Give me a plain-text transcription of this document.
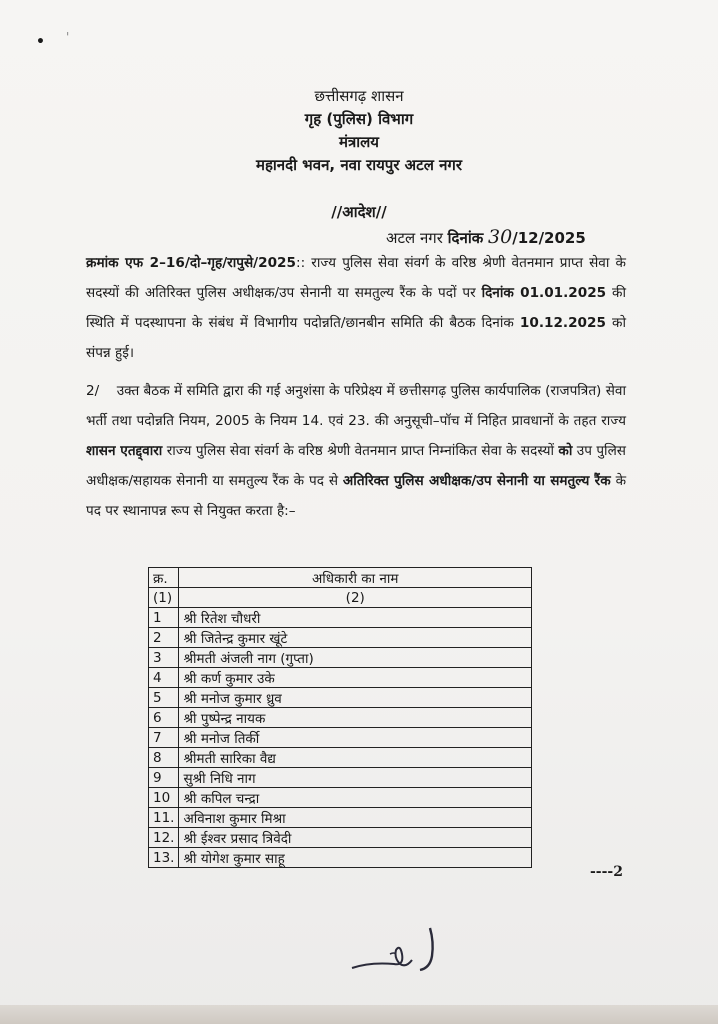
• '
छत्तीसगढ़ शासन
गृह (पुलिस) विभाग
मंत्रालय
महानदी भवन, नवा रायपुर अटल नगर
//आदेश//
अटल नगर दिनांक 30/12/2025
क्रमांक एफ 2–16/दो–गृह/रापुसे/2025:: राज्य पुलिस सेवा संवर्ग के वरिष्ठ श्रेणी वेतनमान प्राप्त सेवा के सदस्यों की अतिरिक्त पुलिस अधीक्षक/उप सेनानी या समतुल्य रैंक के पदों पर दिनांक 01.01.2025 की स्थिति में पदस्थापना के संबंध में विभागीय पदोन्नति/छानबीन समिति की बैठक दिनांक 10.12.2025 को संपन्न हुई।
2/ उक्त बैठक में समिति द्वारा की गई अनुशंसा के परिप्रेक्ष्य में छत्तीसगढ़ पुलिस कार्यपालिक (राजपत्रित) सेवा भर्ती तथा पदोन्नति नियम, 2005 के नियम 14. एवं 23. की अनुसूची–पॉच में निहित प्रावधानों के तहत राज्य शासन एतद्द्वारा राज्य पुलिस सेवा संवर्ग के वरिष्ठ श्रेणी वेतनमान प्राप्त निम्नांकित सेवा के सदस्यों को उप पुलिस अधीक्षक/सहायक सेनानी या समतुल्य रैंक के पद से अतिरिक्त पुलिस अधीक्षक/उप सेनानी या समतुल्य रैंक के पद पर स्थानापन्न रूप से नियुक्त करता है:–
क्र.	अधिकारी का नाम
(1)	(2)
1	श्री रितेश चौधरी
2	श्री जितेन्द्र कुमार खूंटे
3	श्रीमती अंजली नाग (गुप्ता)
4	श्री कर्ण कुमार उके
5	श्री मनोज कुमार ध्रुव
6	श्री पुष्पेन्द्र नायक
7	श्री मनोज तिर्की
8	श्रीमती सारिका वैद्य
9	सुश्री निधि नाग
10	श्री कपिल चन्द्रा
11.	अविनाश कुमार मिश्रा
12.	श्री ईश्वर प्रसाद त्रिवेदी
13.	श्री योगेश कुमार साहू
----2
